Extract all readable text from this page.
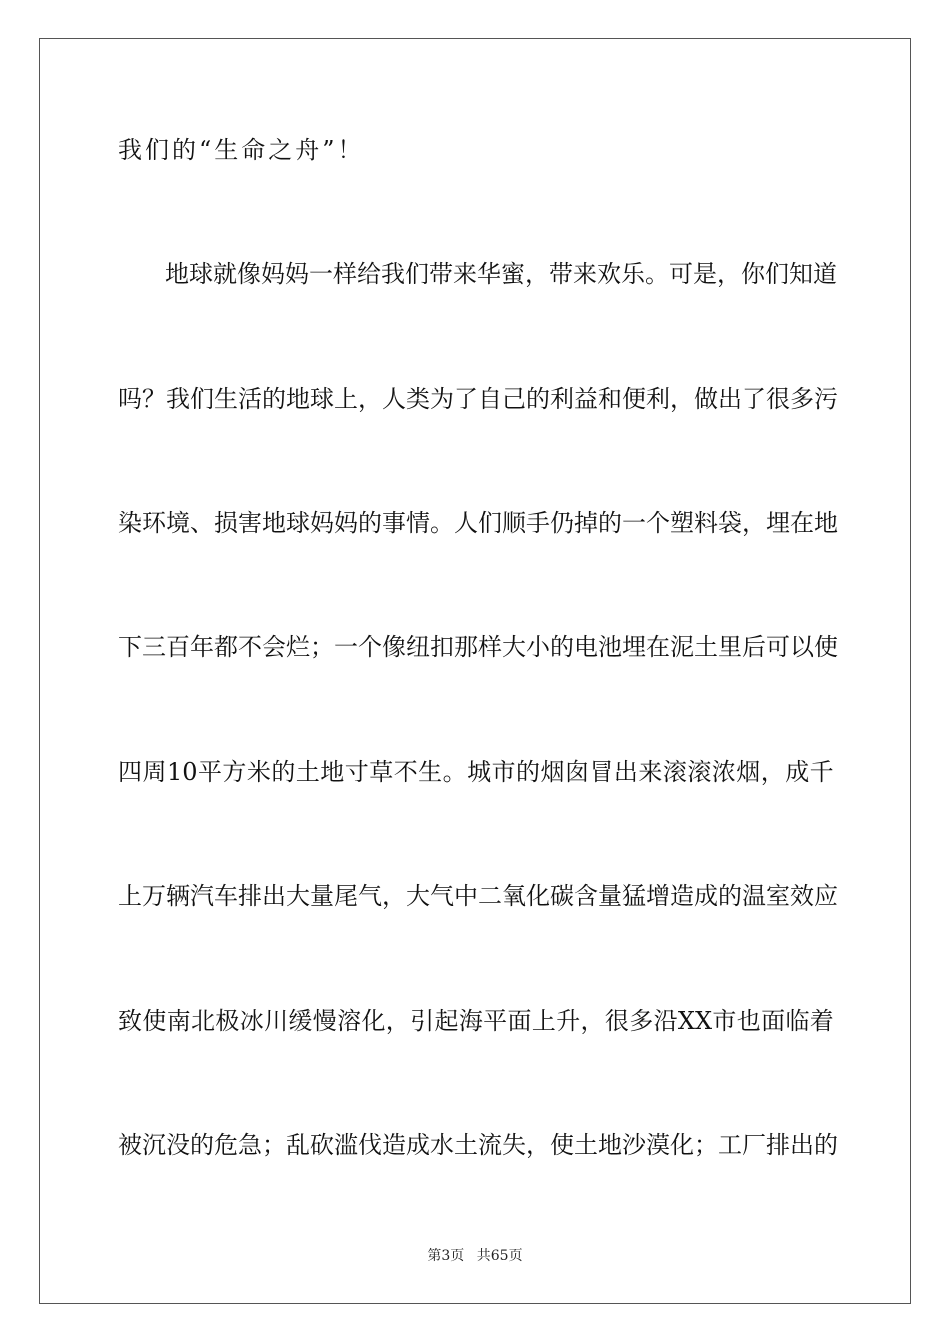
我们的“生命之舟”！
地 球 就 像 妈 妈 一 样 给 我 们 带 来 华 蜜 ， 带 来 欢 乐 。 可 是 ， 你 们 知 道
吗 ？ 我 们 生 活 的 地 球 上 ， 人 类 为 了 自 己 的 利 益 和 便 利 ， 做 出 了 很 多 污
染 环 境 、 损 害 地 球 妈 妈 的 事 情 。 人 们 顺 手 仍 掉 的 一 个 塑 料 袋 ， 埋 在 地
下 三 百 年 都 不 会 烂 ； 一 个 像 纽 扣 那 样 大 小 的 电 池 埋 在 泥 土 里 后 可 以 使
四 周 10 平 方 米 的 土 地 寸 草 不 生 。 城 市 的 烟 囱 冒 出 来 滚 滚 浓 烟 ， 成 千
上 万 辆 汽 车 排 出 大 量 尾 气 ， 大 气 中 二 氧 化 碳 含 量 猛 增 造 成 的 温 室 效 应
致 使 南 北 极 冰 川 缓 慢 溶 化 ， 引 起 海 平 面 上 升 ， 很 多 沿 XX 市 也 面 临 着
被 沉 没 的 危 急 ； 乱 砍 滥 伐 造 成 水 土 流 失 ， 使 土 地 沙 漠 化 ； 工 厂 排 出 的
第3页 共65页
